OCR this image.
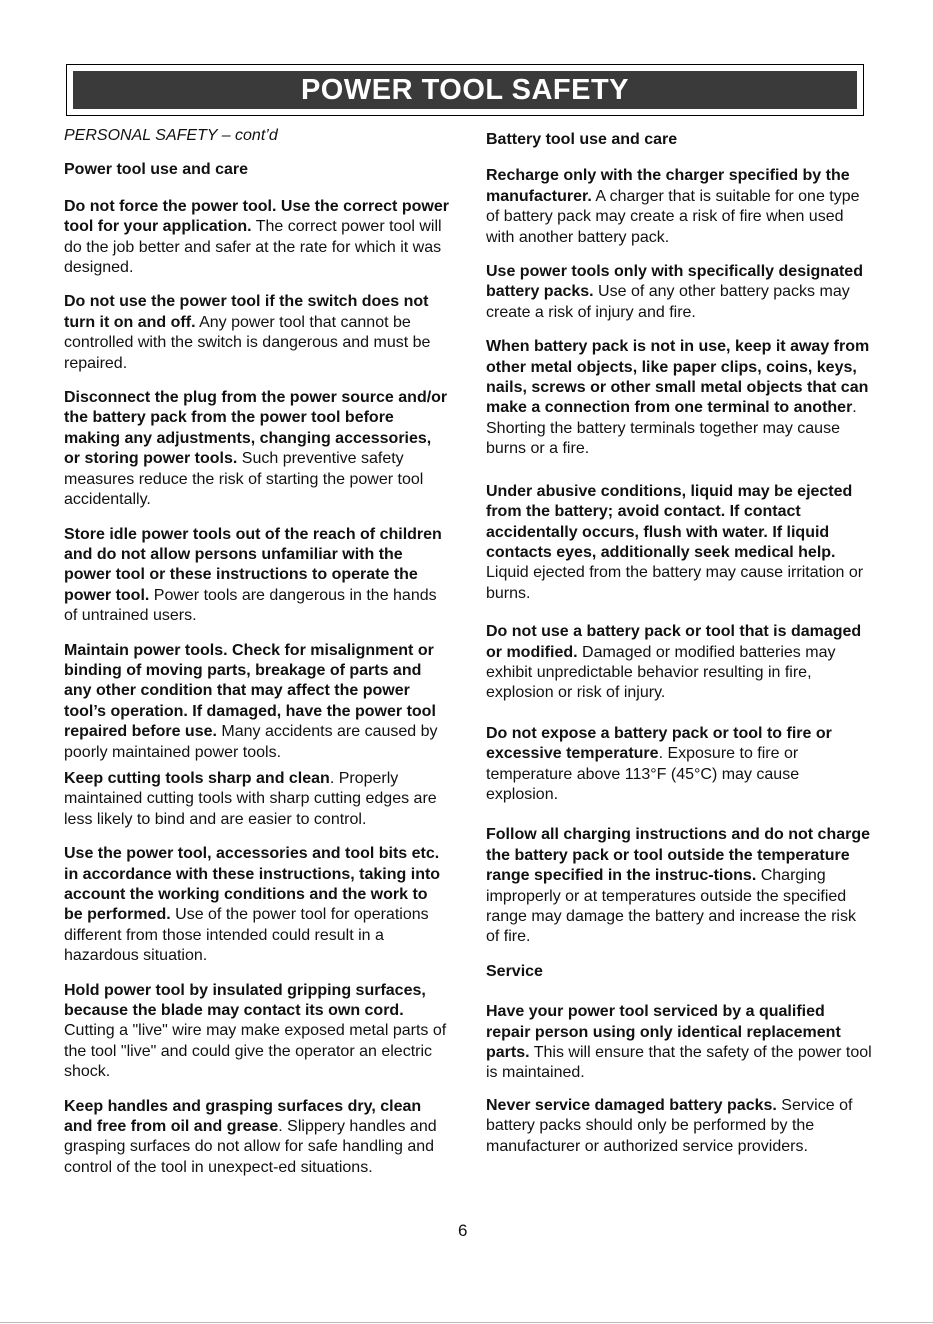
POWER TOOL SAFETY
PERSONAL SAFETY – cont’d
Power tool use and care

Do not force the power tool. Use the correct power tool for your application. The correct power tool will do the job better and safer at the rate for which it was designed.

Do not use the power tool if the switch does not turn it on and off. Any power tool that cannot be controlled with the switch is dangerous and must be repaired.

Disconnect the plug from the power source and/or the battery pack from the power tool before making any adjustments, changing accessories, or storing power tools. Such preventive safety measures reduce the risk of starting the power tool accidentally.

Store idle power tools out of the reach of children and do not allow persons unfamiliar with the power tool or these instructions to operate the power tool. Power tools are dangerous in the hands of untrained users.

Maintain power tools. Check for misalignment or binding of moving parts, breakage of parts and any other condition that may affect the power tool’s operation. If damaged, have the power tool repaired before use. Many accidents are caused by poorly maintained power tools.

Keep cutting tools sharp and clean. Properly maintained cutting tools with sharp cutting edges are less likely to bind and are easier to control.

Use the power tool, accessories and tool bits etc. in accordance with these instructions, taking into account the working conditions and the work to be performed. Use of the power tool for operations different from those intended could result in a hazardous situation.

Hold power tool by insulated gripping surfaces, because the blade may contact its own cord. Cutting a "live" wire may make exposed metal parts of the tool "live" and could give the operator an electric shock.

Keep handles and grasping surfaces dry, clean and free from oil and grease. Slippery handles and grasping surfaces do not allow for safe handling and control of the tool in unexpect-ed situations.

Battery tool use and care

Recharge only with the charger specified by the manufacturer. A charger that is suitable for one type of battery pack may create a risk of fire when used with another battery pack.

Use power tools only with specifically designated battery packs. Use of any other battery packs may create a risk of injury and fire.

When battery pack is not in use, keep it away from other metal objects, like paper clips, coins, keys, nails, screws or other small metal objects that can make a connection from one terminal to another. Shorting the battery terminals together may cause burns or a fire.

Under abusive conditions, liquid may be ejected from the battery; avoid contact. If contact accidentally occurs, flush with water. If liquid contacts eyes, additionally seek medical help. Liquid ejected from the battery may cause irritation or burns.

Do not use a battery pack or tool that is damaged or modified. Damaged or modified batteries may exhibit unpredictable behavior resulting in fire, explosion or risk of injury.

Do not expose a battery pack or tool to fire or excessive temperature. Exposure to fire or temperature above 113°F (45°C) may cause explosion.

Follow all charging instructions and do not charge the battery pack or tool outside the temperature range specified in the instruc-tions. Charging improperly or at temperatures outside the specified range may damage the battery and increase the risk of fire.

Service

Have your power tool serviced by a qualified repair person using only identical replacement parts. This will ensure that the safety of the power tool is maintained.

Never service damaged battery packs. Service of battery packs should only be performed by the manufacturer or authorized service providers.

6
